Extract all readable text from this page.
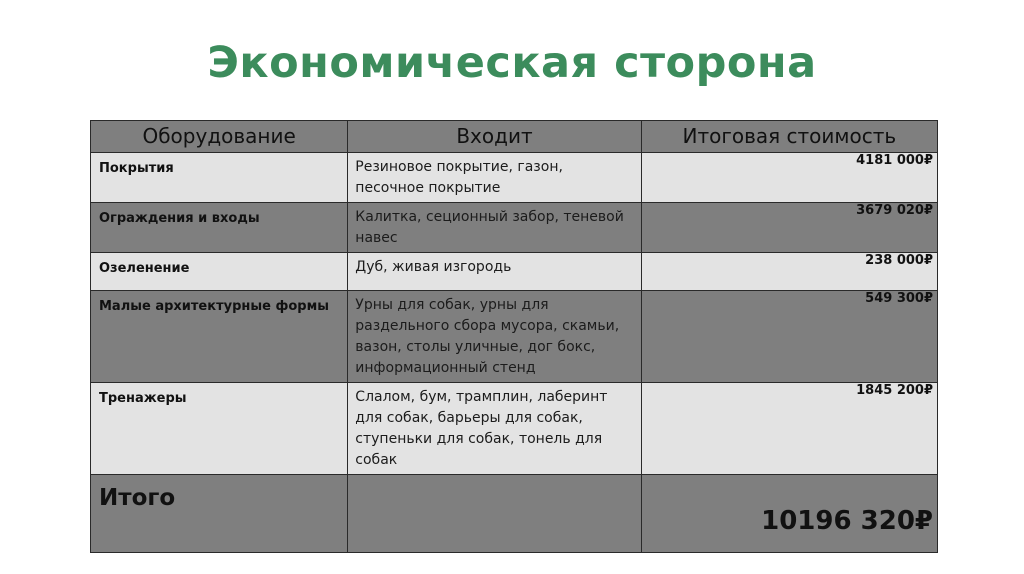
Экономическая сторона
Оборудование	Входит	Итоговая стоимость

Покрытия	Резиновое покрытие, газон, песочное покрытие	4181 000₽

Ограждения и входы	Калитка, сеционный забор, теневой навес	3679 020₽

Озеленение	Дуб, живая изгородь	238 000₽

Малые архитектурные формы	Урны для собак, урны для раздельного сбора мусора, скамьи, вазон, столы уличные, дог бокс, информационный стенд	549 300₽

Тренажеры	Слалом, бум, трамплин, лаберинт для собак, барьеры для собак, ступеньки для собак, тонель для собак	1845 200₽

Итого		10196 320₽
